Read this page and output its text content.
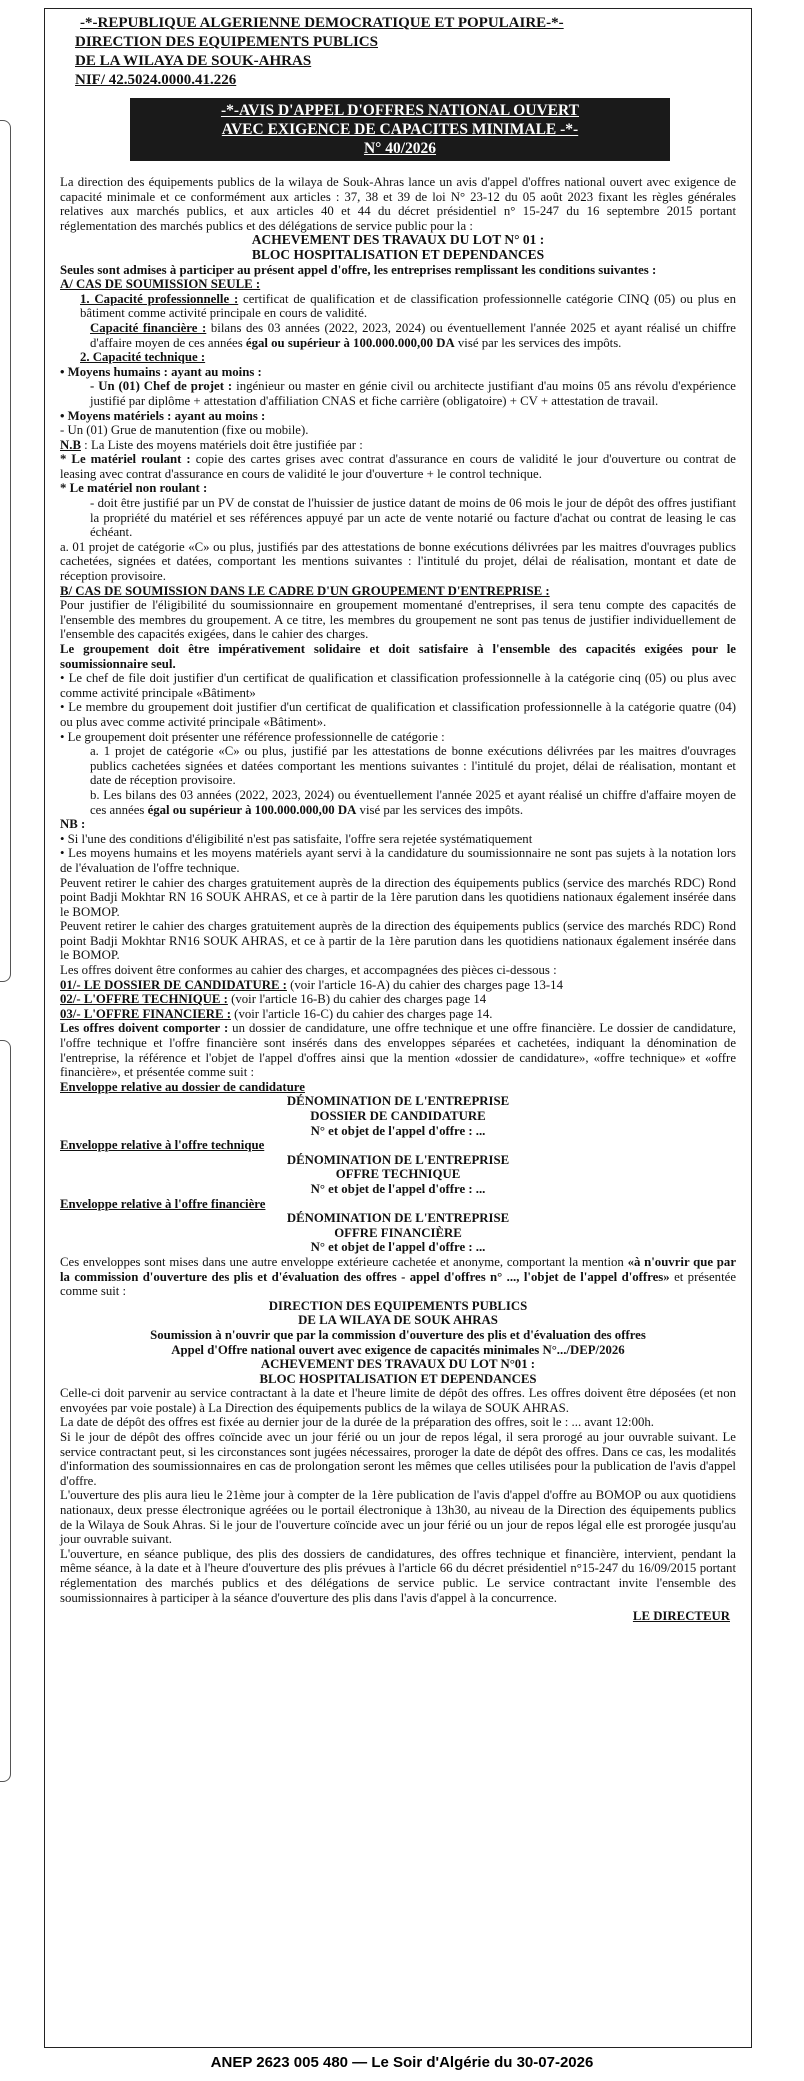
-*-REPUBLIQUE ALGERIENNE DEMOCRATIQUE ET POPULAIRE-*-
DIRECTION DES EQUIPEMENTS PUBLICS
DE LA WILAYA DE SOUK-AHRAS
NIF/ 42.5024.0000.41.226
-*-AVIS D'APPEL D'OFFRES NATIONAL OUVERT
AVEC EXIGENCE DE CAPACITES MINIMALE -*-
N° 40/2026

La direction des équipements publics de la wilaya de Souk-Ahras lance un avis d'appel d'offres national ouvert avec exigence de capacité minimale et ce conformément aux articles : 37, 38 et 39 de loi N° 23-12 du 05 août 2023 fixant les règles générales relatives aux marchés publics, et aux articles 40 et 44 du décret présidentiel n° 15-247 du 16 septembre 2015 portant réglementation des marchés publics et des délégations de service public pour la :

ACHEVEMENT DES TRAVAUX DU LOT N° 01 :

BLOC HOSPITALISATION ET DEPENDANCES

Seules sont admises à participer au présent appel d'offre, les entreprises remplissant les conditions suivantes :

A/ CAS DE SOUMISSION SEULE :

1. Capacité professionnelle : certificat de qualification et de classification professionnelle catégorie CINQ (05) ou plus en bâtiment comme activité principale en cours de validité.

Capacité financière : bilans des 03 années (2022, 2023, 2024) ou éventuellement l'année 2025 et ayant réalisé un chiffre d'affaire moyen de ces années égal ou supérieur à 100.000.000,00 DA visé par les services des impôts.

2. Capacité technique :

• Moyens humains : ayant au moins :

- Un (01) Chef de projet : ingénieur ou master en génie civil ou architecte justifiant d'au moins 05 ans révolu d'expérience justifié par diplôme + attestation d'affiliation CNAS et fiche carrière (obligatoire) + CV + attestation de travail.

• Moyens matériels : ayant au moins :

- Un (01) Grue de manutention (fixe ou mobile).

N.B : La Liste des moyens matériels doit être justifiée par :

* Le matériel roulant : copie des cartes grises avec contrat d'assurance en cours de validité le jour d'ouverture ou contrat de leasing avec contrat d'assurance en cours de validité le jour d'ouverture + le control technique.

* Le matériel non roulant :

- doit être justifié par un PV de constat de l'huissier de justice datant de moins de 06 mois le jour de dépôt des offres justifiant la propriété du matériel et ses références appuyé par un acte de vente notarié ou facture d'achat ou contrat de leasing le cas échéant.

a. 01 projet de catégorie «C» ou plus, justifiés par des attestations de bonne exécutions délivrées par les maitres d'ouvrages publics cachetées, signées et datées, comportant les mentions suivantes : l'intitulé du projet, délai de réalisation, montant et date de réception provisoire.

B/ CAS DE SOUMISSION DANS LE CADRE D'UN GROUPEMENT D'ENTREPRISE :

Pour justifier de l'éligibilité du soumissionnaire en groupement momentané d'entreprises, il sera tenu compte des capacités de l'ensemble des membres du groupement. A ce titre, les membres du groupement ne sont pas tenus de justifier individuellement de l'ensemble des capacités exigées, dans le cahier des charges.

Le groupement doit être impérativement solidaire et doit satisfaire à l'ensemble des capacités exigées pour le soumissionnaire seul.

• Le chef de file doit justifier d'un certificat de qualification et classification professionnelle à la catégorie cinq (05) ou plus avec comme activité principale «Bâtiment»

• Le membre du groupement doit justifier d'un certificat de qualification et classification professionnelle à la catégorie quatre (04) ou plus avec comme activité principale «Bâtiment».

• Le groupement doit présenter une référence professionnelle de catégorie :

a. 1 projet de catégorie «C» ou plus, justifié par les attestations de bonne exécutions délivrées par les maitres d'ouvrages publics cachetées signées et datées comportant les mentions suivantes : l'intitulé du projet, délai de réalisation, montant et date de réception provisoire.

b. Les bilans des 03 années (2022, 2023, 2024) ou éventuellement l'année 2025 et ayant réalisé un chiffre d'affaire moyen de ces années égal ou supérieur à 100.000.000,00 DA visé par les services des impôts.

NB :

• Si l'une des conditions d'éligibilité n'est pas satisfaite, l'offre sera rejetée systématiquement

• Les moyens humains et les moyens matériels ayant servi à la candidature du soumissionnaire ne sont pas sujets à la notation lors de l'évaluation de l'offre technique.

Peuvent retirer le cahier des charges gratuitement auprès de la direction des équipements publics (service des marchés RDC) Rond point Badji Mokhtar RN 16 SOUK AHRAS, et ce à partir de la 1ère parution dans les quotidiens nationaux également insérée dans le BOMOP.

Peuvent retirer le cahier des charges gratuitement auprès de la direction des équipements publics (service des marchés RDC) Rond point Badji Mokhtar RN16 SOUK AHRAS, et ce à partir de la 1ère parution dans les quotidiens nationaux également insérée dans le BOMOP.

Les offres doivent être conformes au cahier des charges, et accompagnées des pièces ci-dessous :

01/- LE DOSSIER DE CANDIDATURE : (voir l'article 16-A) du cahier des charges page 13-14

02/- L'OFFRE TECHNIQUE : (voir l'article 16-B) du cahier des charges page 14

03/- L'OFFRE FINANCIERE : (voir l'article 16-C) du cahier des charges page 14.

Les offres doivent comporter : un dossier de candidature, une offre technique et une offre financière. Le dossier de candidature, l'offre technique et l'offre financière sont insérés dans des enveloppes séparées et cachetées, indiquant la dénomination de l'entreprise, la référence et l'objet de l'appel d'offres ainsi que la mention «dossier de candidature», «offre technique» et «offre financière», et présentée comme suit :

Enveloppe relative au dossier de candidature

DÉNOMINATION DE L'ENTREPRISE

DOSSIER DE CANDIDATURE

N° et objet de l'appel d'offre : ...

Enveloppe relative à l'offre technique

DÉNOMINATION DE L'ENTREPRISE

OFFRE TECHNIQUE

N° et objet de l'appel d'offre : ...

Enveloppe relative à l'offre financière

DÉNOMINATION DE L'ENTREPRISE

OFFRE FINANCIÈRE

N° et objet de l'appel d'offre : ...

Ces enveloppes sont mises dans une autre enveloppe extérieure cachetée et anonyme, comportant la mention «à n'ouvrir que par la commission d'ouverture des plis et d'évaluation des offres - appel d'offres n° ..., l'objet de l'appel d'offres» et présentée comme suit :

DIRECTION DES EQUIPEMENTS PUBLICS

DE LA WILAYA DE SOUK AHRAS

Soumission à n'ouvrir que par la commission d'ouverture des plis et d'évaluation des offres

Appel d'Offre national ouvert avec exigence de capacités minimales N°.../DEP/2026

ACHEVEMENT DES TRAVAUX DU LOT N°01 :

BLOC HOSPITALISATION ET DEPENDANCES

Celle-ci doit parvenir au service contractant à la date et l'heure limite de dépôt des offres. Les offres doivent être déposées (et non envoyées par voie postale) à La Direction des équipements publics de la wilaya de SOUK AHRAS.

La date de dépôt des offres est fixée au dernier jour de la durée de la préparation des offres, soit le : ... avant 12:00h.

Si le jour de dépôt des offres coïncide avec un jour férié ou un jour de repos légal, il sera prorogé au jour ouvrable suivant. Le service contractant peut, si les circonstances sont jugées nécessaires, proroger la date de dépôt des offres. Dans ce cas, les modalités d'information des soumissionnaires en cas de prolongation seront les mêmes que celles utilisées pour la publication de l'avis d'appel d'offre.

L'ouverture des plis aura lieu le 21ème jour à compter de la 1ère publication de l'avis d'appel d'offre au BOMOP ou aux quotidiens nationaux, deux presse électronique agréées ou le portail électronique à 13h30, au niveau de la Direction des équipements publics de la Wilaya de Souk Ahras. Si le jour de l'ouverture coïncide avec un jour férié ou un jour de repos légal elle est prorogée jusqu'au jour ouvrable suivant.

L'ouverture, en séance publique, des plis des dossiers de candidatures, des offres technique et financière, intervient, pendant la même séance, à la date et à l'heure d'ouverture des plis prévues à l'article 66 du décret présidentiel n°15-247 du 16/09/2015 portant réglementation des marchés publics et des délégations de service public. Le service contractant invite l'ensemble des soumissionnaires à participer à la séance d'ouverture des plis dans l'avis d'appel à la concurrence.

LE DIRECTEUR

ANEP 2623 005 480 — Le Soir d'Algérie du 30-07-2026
